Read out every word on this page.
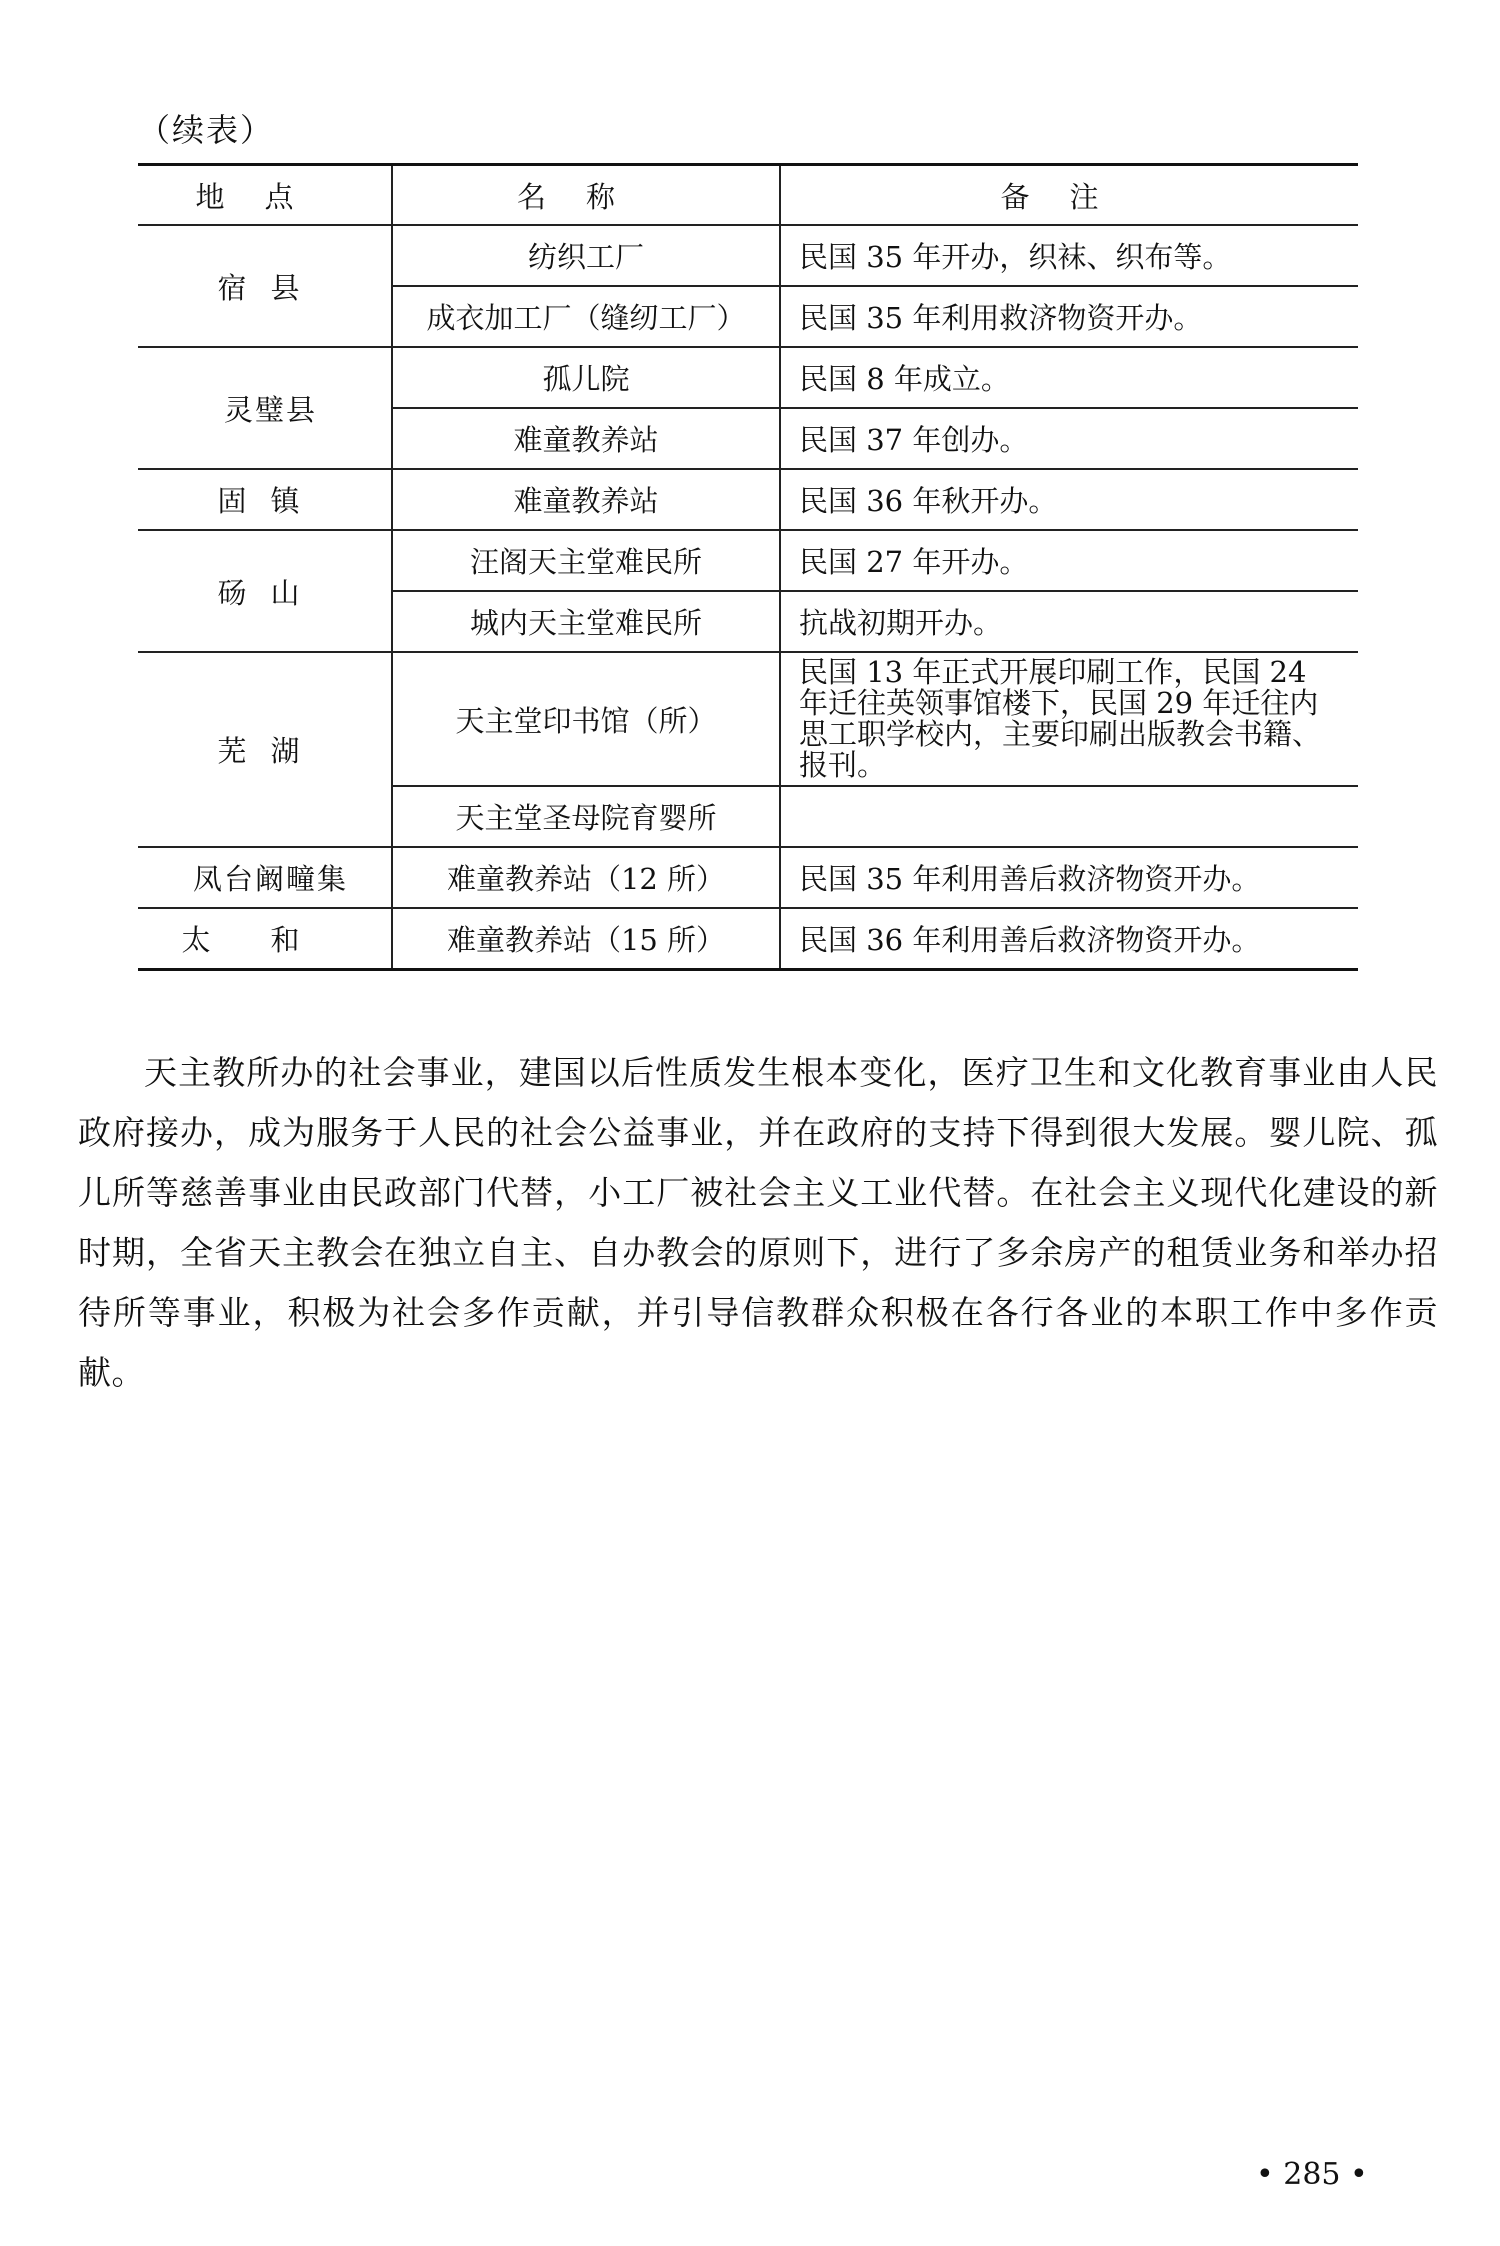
（续表）
地点	名称	备注
宿县	纺织工厂	民国 35 年开办，织袜、织布等。
	成衣加工厂（缝纫工厂）	民国 35 年利用救济物资开办。
灵璧县	孤儿院	民国 8 年成立。
	难童教养站	民国 37 年创办。
固镇	难童教养站	民国 36 年秋开办。
砀山	汪阁天主堂难民所	民国 27 年开办。
	城内天主堂难民所	抗战初期开办。
芜湖	天主堂印书馆（所）	民国 13 年正式开展印刷工作，民国 24 年迁往英领事馆楼下，民国 29 年迁往内思工职学校内，主要印刷出版教会书籍、报刊。
	天主堂圣母院育婴所	
凤台阚疃集	难童教养站（12 所）	民国 35 年利用善后救济物资开办。
太和	难童教养站（15 所）	民国 36 年利用善后救济物资开办。

天主教所办的社会事业，建国以后性质发生根本变化，医疗卫生和文化教育事业由人民政府接办，成为服务于人民的社会公益事业，并在政府的支持下得到很大发展。婴儿院、孤儿所等慈善事业由民政部门代替，小工厂被社会主义工业代替。在社会主义现代化建设的新时期，全省天主教会在独立自主、自办教会的原则下，进行了多余房产的租赁业务和举办招待所等事业，积极为社会多作贡献，并引导信教群众积极在各行各业的本职工作中多作贡献。

• 285 •
